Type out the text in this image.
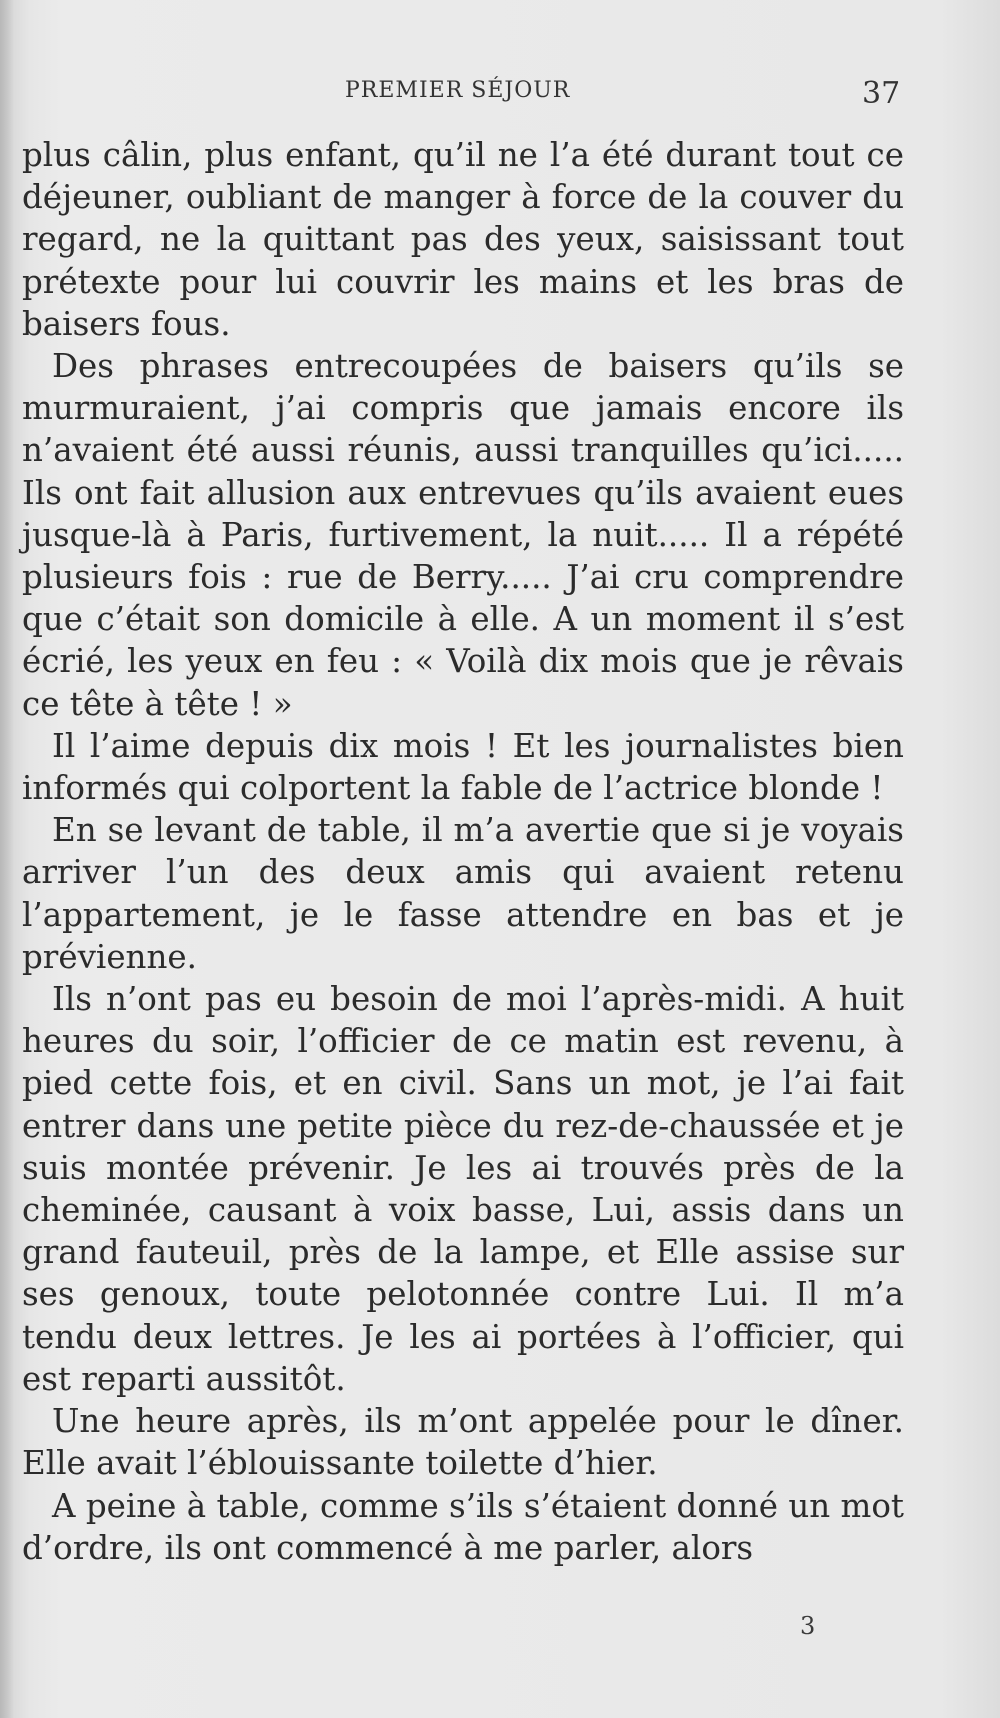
PREMIER SÉJOUR	37

plus câlin, plus enfant, qu’il ne l’a été durant tout ce déjeuner, oubliant de manger à force de la couver du regard, ne la quittant pas des yeux, saisissant tout prétexte pour lui couvrir les mains et les bras de baisers fous.

Des phrases entrecoupées de baisers qu’ils se murmuraient, j’ai compris que jamais encore ils n’avaient été aussi réunis, aussi tranquilles qu’ici..... Ils ont fait allusion aux entrevues qu’ils avaient eues jusque-là à Paris, furtivement, la nuit..... Il a répété plusieurs fois : rue de Berry..... J’ai cru comprendre que c’était son domicile à elle. A un moment il s’est écrié, les yeux en feu : « Voilà dix mois que je rêvais ce tête à tête ! »

Il l’aime depuis dix mois ! Et les journalistes bien informés qui colportent la fable de l’actrice blonde !

En se levant de table, il m’a avertie que si je voyais arriver l’un des deux amis qui avaient retenu l’appartement, je le fasse attendre en bas et je prévienne.

Ils n’ont pas eu besoin de moi l’après-midi. A huit heures du soir, l’officier de ce matin est revenu, à pied cette fois, et en civil. Sans un mot, je l’ai fait entrer dans une petite pièce du rez-de-chaussée et je suis montée prévenir. Je les ai trouvés près de la cheminée, causant à voix basse, Lui, assis dans un grand fauteuil, près de la lampe, et Elle assise sur ses genoux, toute pelotonnée contre Lui. Il m’a tendu deux lettres. Je les ai portées à l’officier, qui est reparti aussitôt.

Une heure après, ils m’ont appelée pour le dîner. Elle avait l’éblouissante toilette d’hier.

A peine à table, comme s’ils s’étaient donné un mot d’ordre, ils ont commencé à me parler, alors

3
